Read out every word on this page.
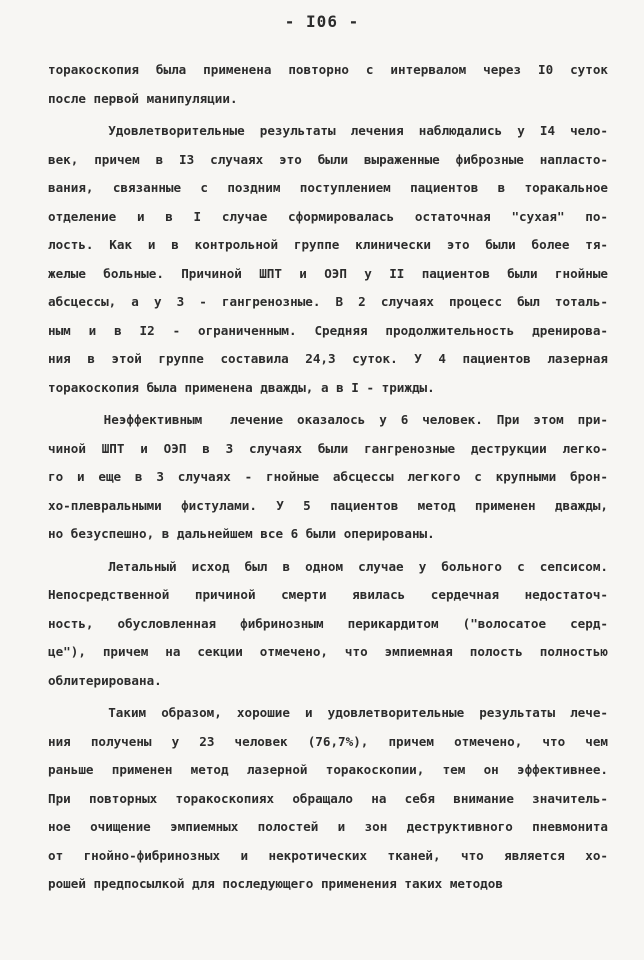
- I06 -
торакоскопия была применена повторно с интервалом через I0 суток
после первой манипуляции.
Удовлетворительные результаты лечения наблюдались у I4 чело-
век, причем в I3 случаях это были выраженные фиброзные напласто-
вания, связанные с поздним поступлением пациентов в торакальное
отделение и в I случае сформировалась остаточная "сухая" по-
лость. Как и в контрольной группе клинически это были более тя-
желые больные. Причиной ШПТ и ОЭП у II пациентов были гнойные
абсцессы, а у 3 - гангренозные. В 2 случаях процесс был тоталь-
ным и в I2 - ограниченным. Средняя продолжительность дренирова-
ния в этой группе составила 24,3 суток. У 4 пациентов лазерная
торакоскопия была применена дважды, а в I - трижды.
Неэффективным  лечение оказалось у 6 человек. При этом при-
чиной ШПТ и ОЭП в 3 случаях были гангренозные деструкции легко-
го и еще в 3 случаях - гнойные абсцессы легкого с крупными брон-
хо-плевральными фистулами. У 5 пациентов метод применен дважды,
но безуспешно, в дальнейшем все 6 были оперированы.
Летальный исход был в одном случае у больного с сепсисом.
Непосредственной причиной смерти явилась сердечная недостаточ-
ность, обусловленная фибринозным перикардитом ("волосатое серд-
це"), причем на секции отмечено, что эмпиемная полость полностью
облитерирована.
Таким образом, хорошие и удовлетворительные результаты лече-
ния получены у 23 человек (76,7%), причем отмечено, что чем
раньше применен метод лазерной торакоскопии, тем он эффективнее.
При повторных торакоскопиях обращало на себя внимание значитель-
ное очищение эмпиемных полостей и зон деструктивного пневмонита
от гнойно-фибринозных и некротических тканей, что является хо-
рошей предпосылкой для последующего применения таких методов
